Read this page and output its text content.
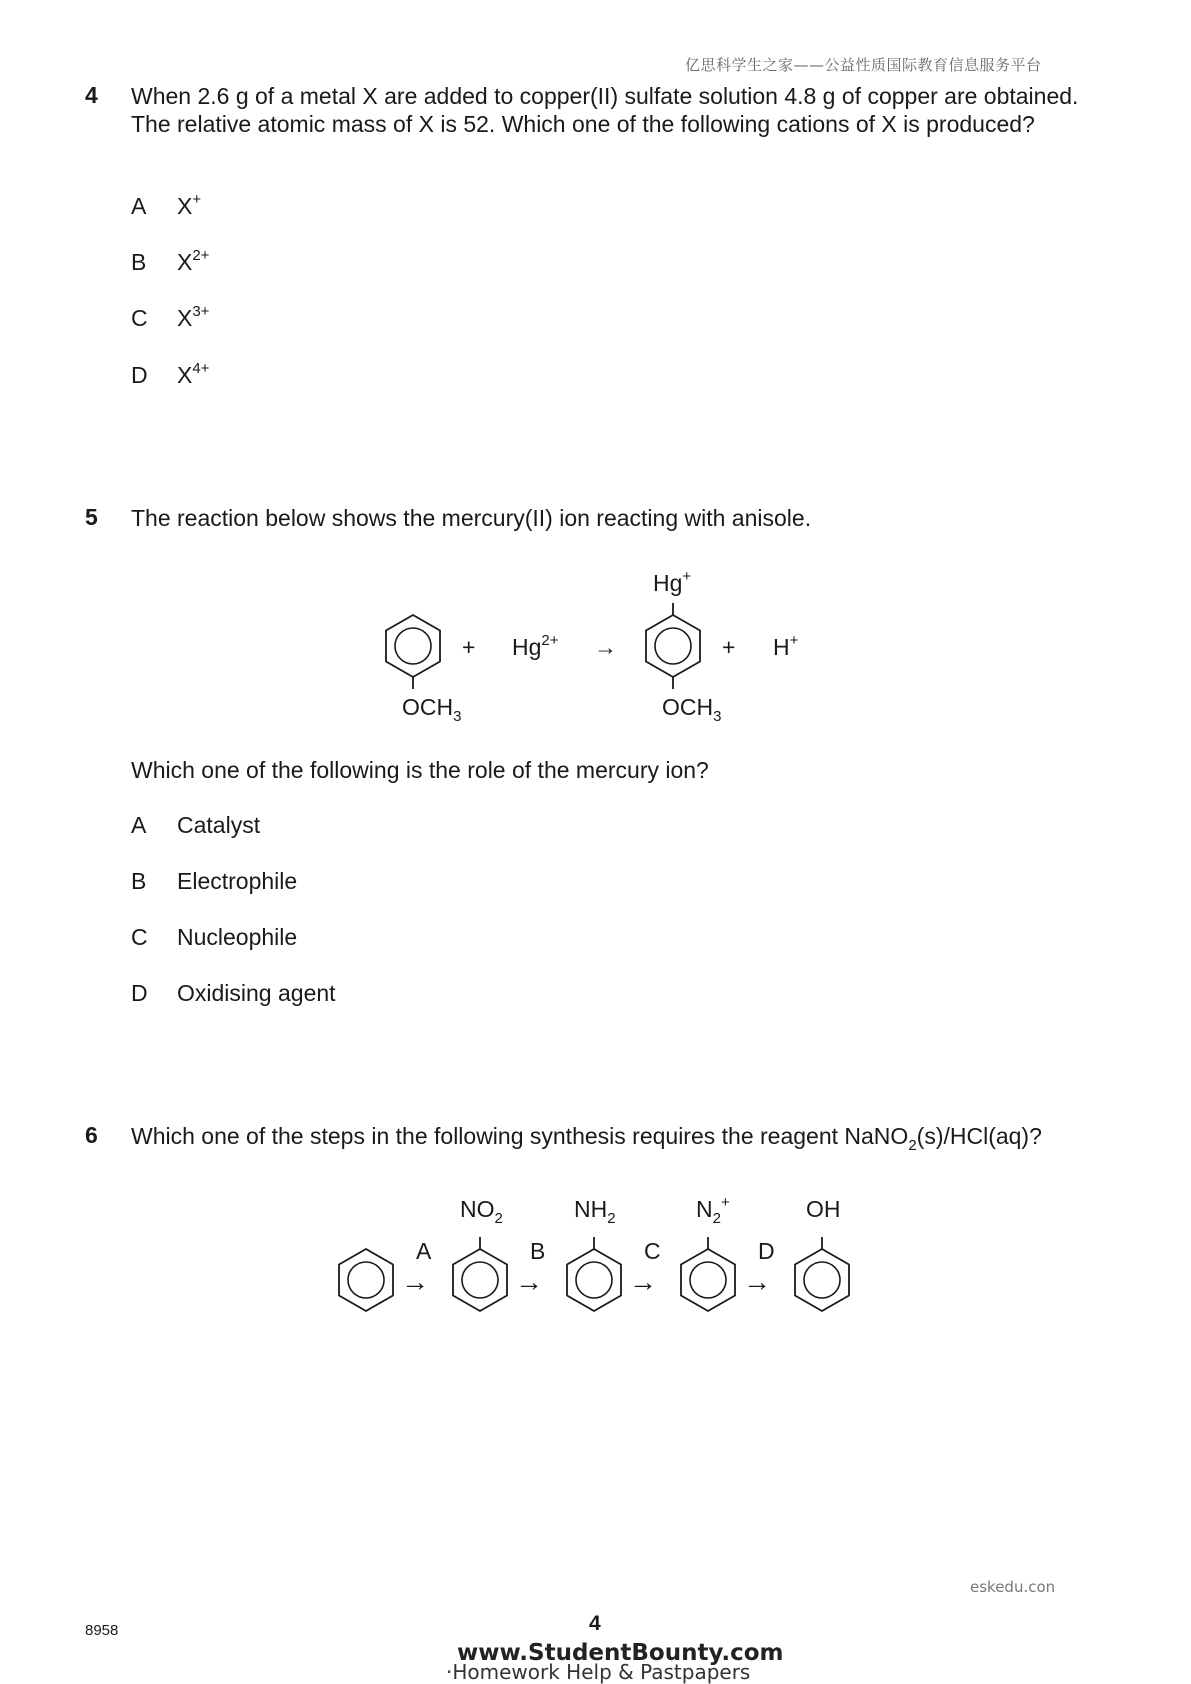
亿思科学生之家——公益性质国际教育信息服务平台
4 When 2.6 g of a metal X are added to copper(II) sulfate solution 4.8 g of copper are obtained. The relative atomic mass of X is 52. Which one of the following cations of X is produced?
A X+
B $X^{2+}$
C $X^{3+}$
D $X^{4+}$
5 The reaction below shows the mercury(II) ion reacting with anisole.
+ $Hg^{2+}$ →	+ H+
Hg+
$OCH_3$	$OCH_3$
Which one of the following is the role of the mercury ion?
A Catalyst
B Electrophile
C Nucleophile
D Oxidising agent
6 Which one of the steps in the following synthesis requires the reagent NaNO$_2$(s)/HCl(aq)?
A	B	C	D
→	→	→	→
$NO_2$	$NH_2$	$N_2^+$	OH
eskedu.con
8958	4
www.StudentBounty.com
·Homework Help & Pastpapers
